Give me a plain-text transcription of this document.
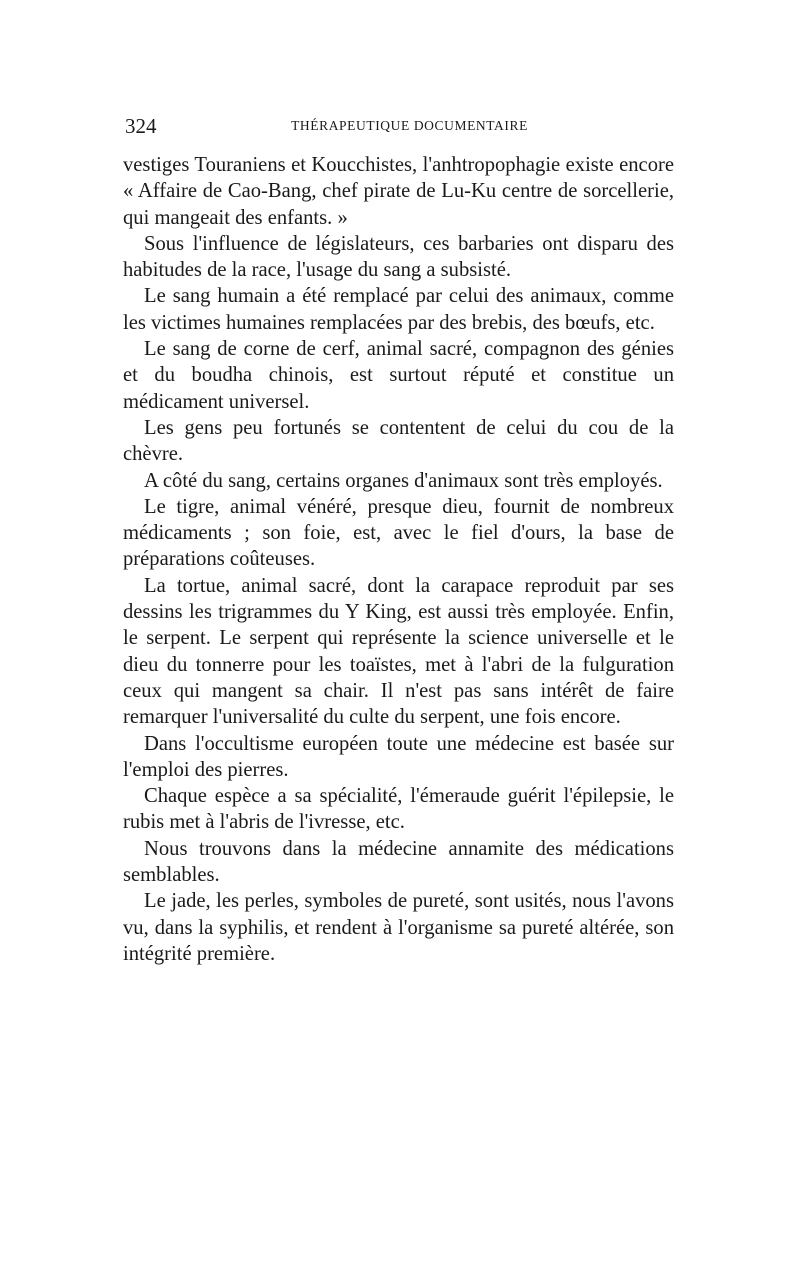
324	THÉRAPEUTIQUE DOCUMENTAIRE

vestiges Touraniens et Koucchistes, l'anhtropophagie existe encore « Affaire de Cao-Bang, chef pirate de Lu-Ku centre de sorcellerie, qui mangeait des enfants. »

Sous l'influence de législateurs, ces barbaries ont disparu des habitudes de la race, l'usage du sang a subsisté.

Le sang humain a été remplacé par celui des animaux, comme les victimes humaines remplacées par des brebis, des bœufs, etc.

Le sang de corne de cerf, animal sacré, compagnon des génies et du boudha chinois, est surtout réputé et constitue un médicament universel.

Les gens peu fortunés se contentent de celui du cou de la chèvre.

A côté du sang, certains organes d'animaux sont très employés.

Le tigre, animal vénéré, presque dieu, fournit de nombreux médicaments ; son foie, est, avec le fiel d'ours, la base de préparations coûteuses.

La tortue, animal sacré, dont la carapace reproduit par ses dessins les trigrammes du Y King, est aussi très employée. Enfin, le serpent. Le serpent qui représente la science universelle et le dieu du tonnerre pour les toaïstes, met à l'abri de la fulguration ceux qui mangent sa chair. Il n'est pas sans intérêt de faire remarquer l'universalité du culte du serpent, une fois encore.

Dans l'occultisme européen toute une médecine est basée sur l'emploi des pierres.

Chaque espèce a sa spécialité, l'émeraude guérit l'épilepsie, le rubis met à l'abris de l'ivresse, etc.

Nous trouvons dans la médecine annamite des médications semblables.

Le jade, les perles, symboles de pureté, sont usités, nous l'avons vu, dans la syphilis, et rendent à l'organisme sa pureté altérée, son intégrité première.
